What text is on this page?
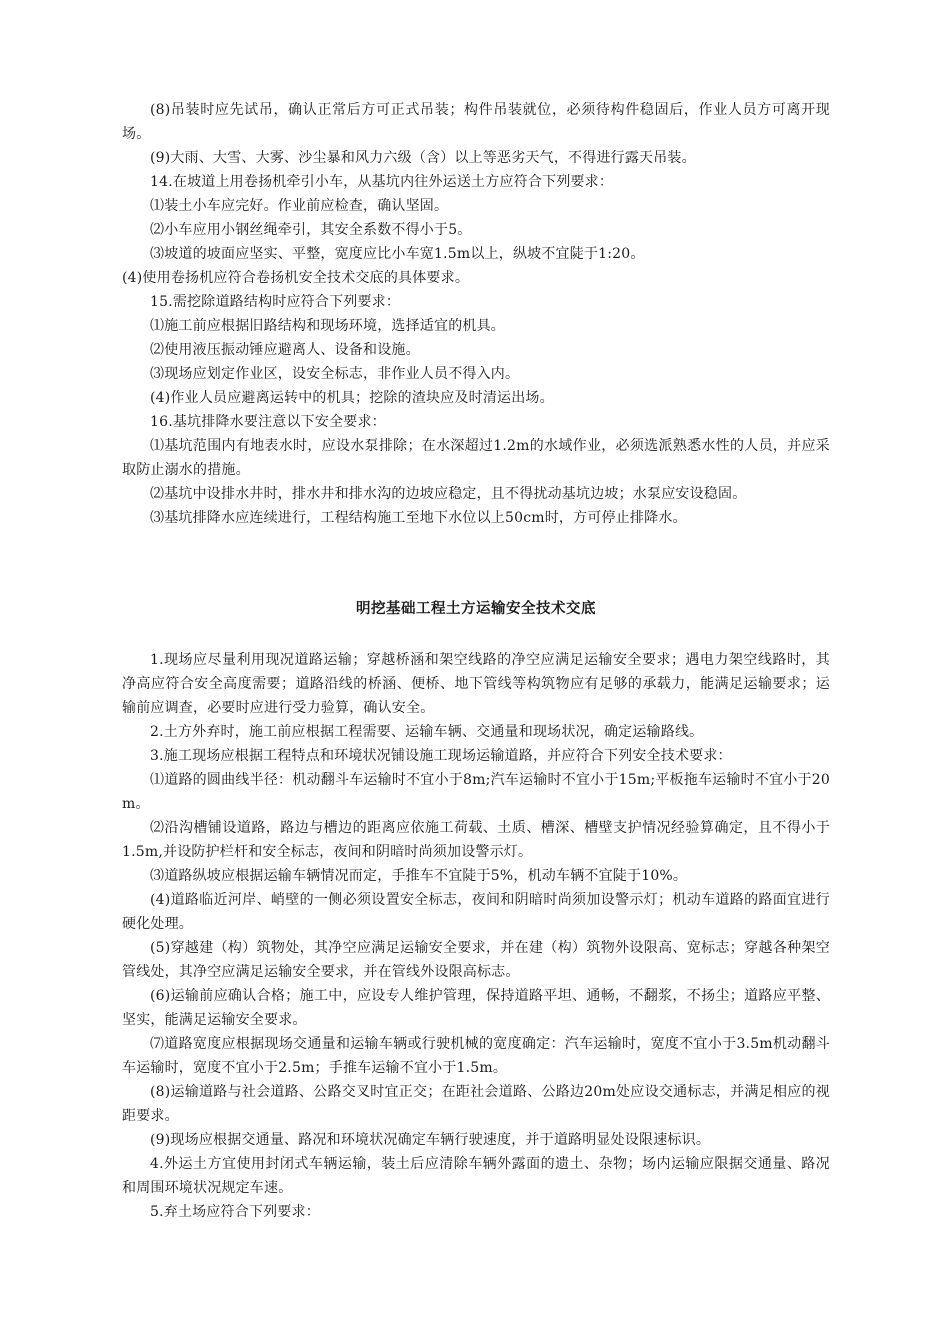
(8)吊装时应先试吊，确认正常后方可正式吊装；构件吊装就位，必须待构件稳固后，作业人员方可离开现场。

(9)大雨、大雪、大雾、沙尘暴和风力六级（含）以上等恶劣天气，不得进行露天吊装。

14.在坡道上用卷扬机牵引小车，从基坑内往外运送土方应符合下列要求：

⑴装土小车应完好。作业前应检查，确认坚固。

⑵小车应用小钢丝绳牵引，其安全系数不得小于5。

⑶坡道的坡面应坚实、平整，宽度应比小车宽1.5m以上，纵坡不宜陡于1:20。

(4)使用卷扬机应符合卷扬机安全技术交底的具体要求。

15.需挖除道路结构时应符合下列要求：

⑴施工前应根据旧路结构和现场环境，选择适宜的机具。

⑵使用液压振动锤应避离人、设备和设施。

⑶现场应划定作业区，设安全标志，非作业人员不得入内。

(4)作业人员应避离运转中的机具；挖除的渣块应及时清运出场。

16.基坑排降水要注意以下安全要求：

⑴基坑范围内有地表水时，应设水泵排除；在水深超过1.2m的水域作业，必须选派熟悉水性的人员，并应采取防止溺水的措施。

⑵基坑中设排水井时，排水井和排水沟的边坡应稳定，且不得扰动基坑边坡；水泵应安设稳固。

⑶基坑排降水应连续进行，工程结构施工至地下水位以上50cm时，方可停止排降水。

明挖基础工程土方运输安全技术交底

1.现场应尽量利用现况道路运输；穿越桥涵和架空线路的净空应满足运输安全要求；遇电力架空线路时，其净高应符合安全高度需要；道路沿线的桥涵、便桥、地下管线等构筑物应有足够的承载力，能满足运输要求；运输前应调查，必要时应进行受力验算，确认安全。

2.土方外弃时，施工前应根据工程需要、运输车辆、交通量和现场状况，确定运输路线。

3.施工现场应根据工程特点和环境状况铺设施工现场运输道路，并应符合下列安全技术要求：

⑴道路的圆曲线半径：机动翻斗车运输时不宜小于8m;汽车运输时不宜小于15m;平板拖车运输时不宜小于20m。

⑵沿沟槽铺设道路，路边与槽边的距离应依施工荷载、土质、槽深、槽壁支护情况经验算确定，且不得小于1.5m,并设防护栏杆和安全标志，夜间和阴暗时尚须加设警示灯。

⑶道路纵坡应根据运输车辆情况而定，手推车不宜陡于5%，机动车辆不宜陡于10%。

(4)道路临近河岸、峭壁的一侧必须设置安全标志，夜间和阴暗时尚须加设警示灯；机动车道路的路面宜进行硬化处理。

(5)穿越建（构）筑物处，其净空应满足运输安全要求，并在建（构）筑物外设限高、宽标志；穿越各种架空管线处，其净空应满足运输安全要求，并在管线外设限高标志。

(6)运输前应确认合格；施工中，应设专人维护管理，保持道路平坦、通畅，不翻浆，不扬尘；道路应平整、坚实，能满足运输安全要求。

⑺道路宽度应根据现场交通量和运输车辆或行驶机械的宽度确定：汽车运输时，宽度不宜小于3.5m机动翻斗车运输时，宽度不宜小于2.5m；手推车运输不宜小于1.5m。

(8)运输道路与社会道路、公路交叉时宜正交；在距社会道路、公路边20m处应设交通标志，并满足相应的视距要求。

(9)现场应根据交通量、路况和环境状况确定车辆行驶速度，并于道路明显处设限速标识。

4.外运土方宜使用封闭式车辆运输，装土后应清除车辆外露面的遗土、杂物；场内运输应限据交通量、路况和周围环境状况规定车速。

5.弃土场应符合下列要求：
